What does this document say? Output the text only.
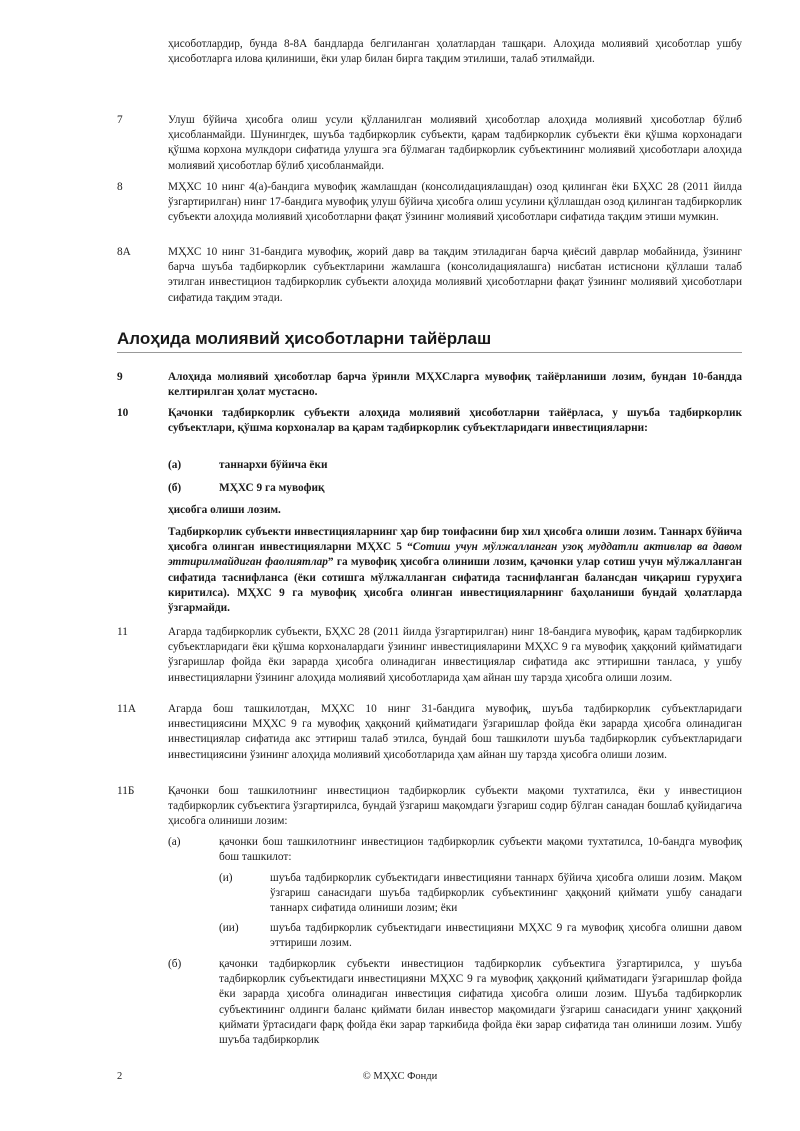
ҳисоботлардир, бунда 8-8А бандларда белгиланган ҳолатлардан ташқари. Алоҳида молиявий ҳисоботлар ушбу ҳисоботларга илова қилиниши, ёки улар билан бирга тақдим этилиши, талаб этилмайди.
7	Улуш бўйича ҳисобга олиш усули қўлланилган молиявий ҳисоботлар алоҳида молиявий ҳисоботлар бўлиб ҳисобланмайди. Шунингдек, шуъба тадбиркорлик субъекти, қарам тадбиркорлик субъекти ёки қўшма корхонадаги қўшма корхона мулкдори сифатида улушга эга бўлмаган тадбиркорлик субъектининг молиявий ҳисоботлари алоҳида молиявий ҳисоботлар бўлиб ҳисобланмайди.
8	МҲХС 10 нинг 4(а)-бандига мувофиқ жамлашдан (консолидациялашдан) озод қилинган ёки БҲХС 28 (2011 йилда ўзгартирилган) нинг 17-бандига мувофиқ улуш бўйича ҳисобга олиш усулини қўллашдан озод қилинган тадбиркорлик субъекти алоҳида молиявий ҳисоботларни фақат ўзининг молиявий ҳисоботлари сифатида тақдим этиши мумкин.
8А	МҲХС 10 нинг 31-бандига мувофиқ, жорий давр ва тақдим этиладиган барча қиёсий даврлар мобайнида, ўзининг барча шуъба тадбиркорлик субъектларини жамлашга (консолидациялашга) нисбатан истиснони қўллаши талаб этилган инвестицион тадбиркорлик субъекти алоҳида молиявий ҳисоботларни фақат ўзининг молиявий ҳисоботлари сифатида тақдим этади.
Алоҳида молиявий ҳисоботларни тайёрлаш
9	Алоҳида молиявий ҳисоботлар барча ўринли МҲХСларга мувофиқ тайёрланиши лозим, бундан 10-бандда келтирилган ҳолат мустасно.
10	Қачонки тадбиркорлик субъекти алоҳида молиявий ҳисоботларни тайёрласа, у шуъба тадбиркорлик субъектлари, қўшма корхоналар ва қарам тадбиркорлик субъектларидаги инвестицияларни:
(а)	таннархи бўйича ёки
(б)	МҲХС 9 га мувофиқ
ҳисобга олиши лозим.
Тадбиркорлик субъекти инвестицияларнинг ҳар бир тоифасини бир хил ҳисобга олиши лозим. Таннарх бўйича ҳисобга олинган инвестицияларни МҲХС 5 “Сотиш учун мўлжалланган узоқ муддатли активлар ва давом эттирилмайдиган фаолиятлар” га мувофиқ ҳисобга олиниши лозим, қачонки улар сотиш учун мўлжалланган сифатида таснифланса (ёки сотишга мўлжалланган сифатида таснифланган балансдан чиқариш гуруҳига киритилса). МҲХС 9 га мувофиқ ҳисобга олинган инвестицияларнинг баҳоланиши бундай ҳолатларда ўзгармайди.
11	Агарда тадбиркорлик субъекти, БҲХС 28 (2011 йилда ўзгартирилган) нинг 18-бандига мувофиқ, қарам тадбиркорлик субъектларидаги ёки қўшма корхоналардаги ўзининг инвестицияларини МҲХС 9 га мувофиқ ҳаққоний қийматидаги ўзгаришлар фойда ёки зарарда ҳисобга олинадиган инвестициялар сифатида акс эттиришни танласа, у ушбу инвестицияларни ўзининг алоҳида молиявий ҳисоботларида ҳам айнан шу тарзда ҳисобга олиши лозим.
11А	Агарда бош ташкилотдан, МҲХС 10 нинг 31-бандига мувофиқ, шуъба тадбиркорлик субъектларидаги инвестициясини МҲХС 9 га мувофиқ ҳаққоний қийматидаги ўзгаришлар фойда ёки зарарда ҳисобга олинадиган инвестициялар сифатида акс эттириш талаб этилса, бундай бош ташкилоти шуъба тадбиркорлик субъектларидаги инвестициясини ўзининг алоҳида молиявий ҳисоботларида ҳам айнан шу тарзда ҳисобга олиши лозим.
11Б	Қачонки бош ташкилотнинг инвестицион тадбиркорлик субъекти мақоми тухтатилса, ёки у инвестицион тадбиркорлик субъектига ўзгартирилса, бундай ўзгариш мақомдаги ўзгариш содир бўлган санадан бошлаб қуйидагича ҳисобга олиниши лозим:
(а)	қачонки бош ташкилотнинг инвестицион тадбиркорлик субъекти мақоми тухтатилса, 10-бандга мувофиқ бош ташкилот:
(и)	шуъба тадбиркорлик субъектидаги инвестицияни таннарх бўйича ҳисобга олиши лозим. Мақом ўзгариш санасидаги шуъба тадбиркорлик субъектининг ҳаққоний қиймати ушбу санадаги таннарх сифатида олиниши лозим; ёки
(ии)	шуъба тадбиркорлик субъектидаги инвестицияни МҲХС 9 га мувофиқ ҳисобга олишни давом эттириши лозим.
(б)	қачонки тадбиркорлик субъекти инвестицион тадбиркорлик субъектига ўзгартирилса, у шуъба тадбиркорлик субъектидаги инвестицияни МҲХС 9 га мувофиқ ҳаққоний қийматидаги ўзгаришлар фойда ёки зарарда ҳисобга олинадиган инвестиция сифатида ҳисобга олиши лозим. Шуъба тадбиркорлик субъектининг олдинги баланс қиймати билан инвестор мақомидаги ўзгариш санасидаги унинг ҳаққоний қиймати ўртасидаги фарқ фойда ёки зарар таркибида фойда ёки зарар сифатида тан олиниши лозим. Ушбу шуъба тадбиркорлик
2	© МҲХС Фонди
